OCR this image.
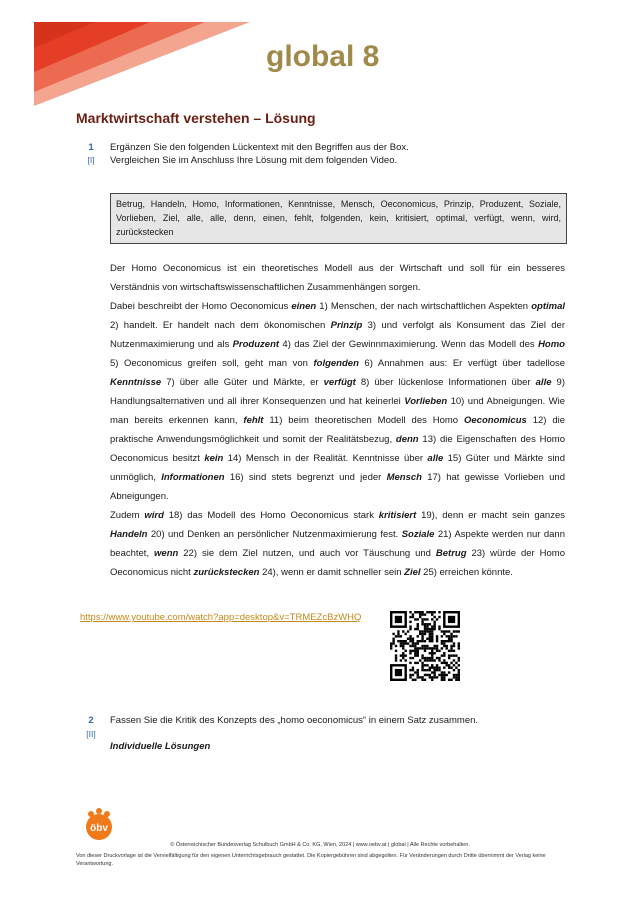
global 8
Marktwirtschaft verstehen – Lösung
1
[I]
Ergänzen Sie den folgenden Lückentext mit den Begriffen aus der Box.
Vergleichen Sie im Anschluss Ihre Lösung mit dem folgenden Video.
Betrug, Handeln, Homo, Informationen, Kenntnisse, Mensch, Oeconomicus, Prinzip, Produzent, Soziale, Vorlieben, Ziel, alle, alle, denn, einen, fehlt, folgenden, kein, kritisiert, optimal, verfügt, wenn, wird, zurückstecken

Der Homo Oeconomicus ist ein theoretisches Modell aus der Wirtschaft und soll für ein besseres Verständnis von wirtschaftswissenschaftlichen Zusammenhängen sorgen.

Dabei beschreibt der Homo Oeconomicus einen 1) Menschen, der nach wirtschaftlichen Aspekten optimal 2) handelt. Er handelt nach dem ökonomischen Prinzip 3) und verfolgt als Konsument das Ziel der Nutzenmaximierung und als Produzent 4) das Ziel der Gewinnmaximierung. Wenn das Modell des Homo 5) Oeconomicus greifen soll, geht man von folgenden 6) Annahmen aus: Er verfügt über tadellose Kenntnisse 7) über alle Güter und Märkte, er verfügt 8) über lückenlose Informationen über alle 9) Handlungsalternativen und all ihrer Konsequenzen und hat keinerlei Vorlieben 10) und Abneigungen. Wie man bereits erkennen kann, fehlt 11) beim theoretischen Modell des Homo Oeconomicus 12) die praktische Anwendungsmöglichkeit und somit der Realitätsbezug, denn 13) die Eigenschaften des Homo Oeconomicus besitzt kein 14) Mensch in der Realität. Kenntnisse über alle 15) Güter und Märkte sind unmöglich, Informationen 16) sind stets begrenzt und jeder Mensch 17) hat gewisse Vorlieben und Abneigungen.

Zudem wird 18) das Modell des Homo Oeconomicus stark kritisiert 19), denn er macht sein ganzes Handeln 20) und Denken an persönlicher Nutzenmaximierung fest. Soziale 21) Aspekte werden nur dann beachtet, wenn 22) sie dem Ziel nutzen, und auch vor Täuschung und Betrug 23) würde der Homo Oeconomicus nicht zurückstecken 24), wenn er damit schneller sein Ziel 25) erreichen könnte.

https://www.youtube.com/watch?app=desktop&v=TRMEZcBzWHQ
2
[II]
Fassen Sie die Kritik des Konzepts des „homo oeconomicus“ in einem Satz zusammen.
Individuelle Lösungen
öbv
© Österreichischer Bundesverlag Schulbuch GmbH & Co. KG, Wien, 2024 | www.oebv.at | global | Alle Rechte vorbehalten.
Von dieser Druckvorlage ist die Vervielfältigung für den eigenen Unterrichtsgebrauch gestattet. Die Kopiergebühren sind abgegolten. Für Veränderungen durch Dritte übernimmt der Verlag keine Verantwortung.
